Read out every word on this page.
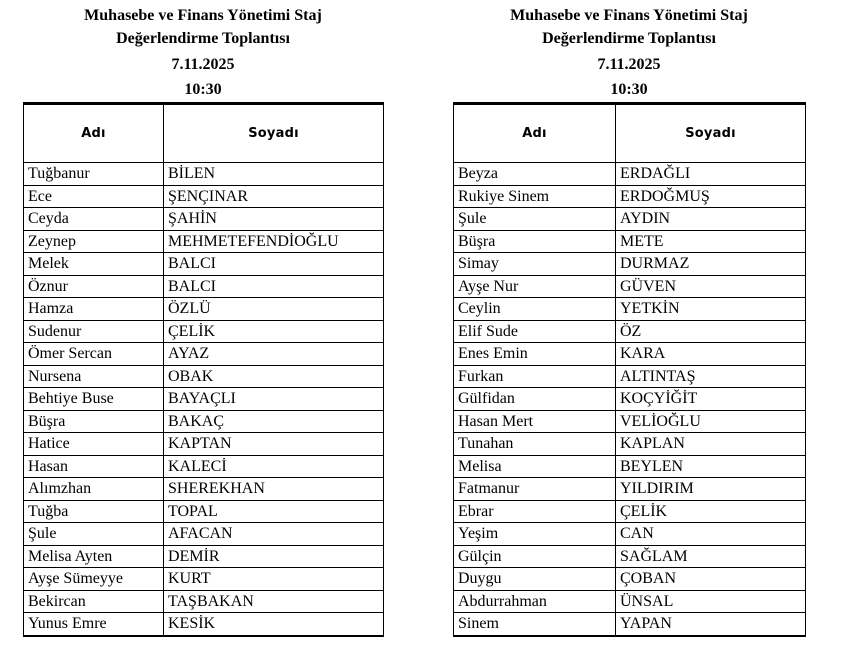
Muhasebe ve Finans Yönetimi Staj
Değerlendirme Toplantısı
7.11.2025
10:30
Adı	Soyadı
Tuğbanur	BİLEN
Ece	ŞENÇINAR
Ceyda	ŞAHİN
Zeynep	MEHMETEFENDİOĞLU
Melek	BALCI
Öznur	BALCI
Hamza	ÖZLÜ
Sudenur	ÇELİK
Ömer Sercan	AYAZ
Nursena	OBAK
Behtiye Buse	BAYAÇLI
Büşra	BAKAÇ
Hatice	KAPTAN
Hasan	KALECİ
Alımzhan	SHEREKHAN
Tuğba	TOPAL
Şule	AFACAN
Melisa Ayten	DEMİR
Ayşe Sümeyye	KURT
Bekircan	TAŞBAKAN
Yunus Emre	KESİK
Muhasebe ve Finans Yönetimi Staj
Değerlendirme Toplantısı
7.11.2025
10:30
Adı	Soyadı
Beyza	ERDAĞLI
Rukiye Sinem	ERDOĞMUŞ
Şule	AYDIN
Büşra	METE
Simay	DURMAZ
Ayşe Nur	GÜVEN
Ceylin	YETKİN
Elif Sude	ÖZ
Enes Emin	KARA
Furkan	ALTINTAŞ
Gülfidan	KOÇYİĞİT
Hasan Mert	VELİOĞLU
Tunahan	KAPLAN
Melisa	BEYLEN
Fatmanur	YILDIRIM
Ebrar	ÇELİK
Yeşim	CAN
Gülçin	SAĞLAM
Duygu	ÇOBAN
Abdurrahman	ÜNSAL
Sinem	YAPAN
